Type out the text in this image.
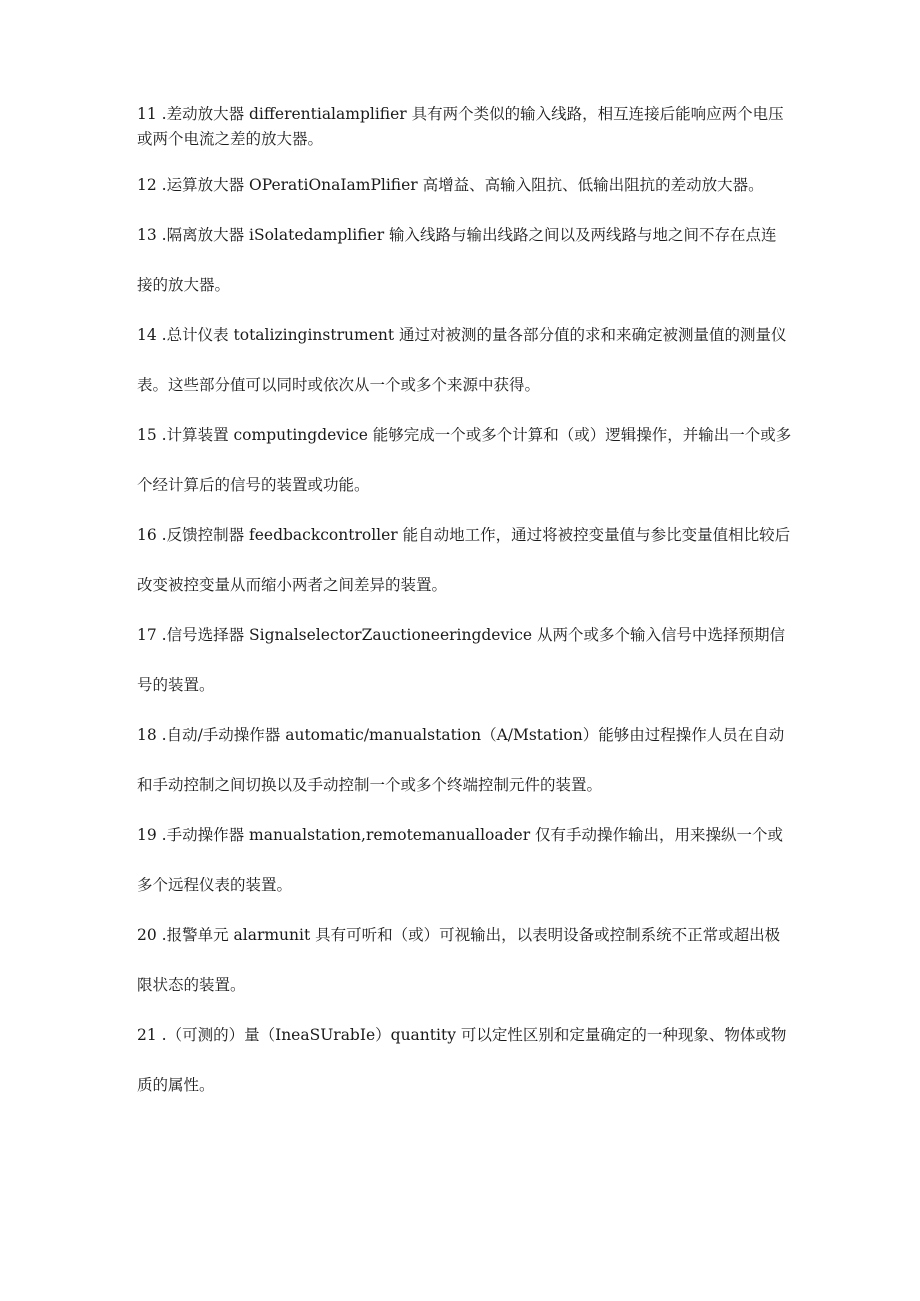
11 .差动放大器 differentialamplifier 具有两个类似的输入线路，相互连接后能响应两个电压或两个电流之差的放大器。

12 .运算放大器 OPeratiOnaIamPlifier 高增益、高输入阻抗、低输出阻抗的差动放大器。

13 .隔离放大器 iSolatedamplifier 输入线路与输出线路之间以及两线路与地之间不存在点连接的放大器。

14 .总计仪表 totalizinginstrument 通过对被测的量各部分值的求和来确定被测量值的测量仪表。这些部分值可以同时或依次从一个或多个来源中获得。

15 .计算装置 computingdevice 能够完成一个或多个计算和（或）逻辑操作，并输出一个或多个经计算后的信号的装置或功能。

16 .反馈控制器 feedbackcontroller 能自动地工作，通过将被控变量值与参比变量值相比较后改变被控变量从而缩小两者之间差异的装置。

17 .信号选择器 SignalselectorZauctioneeringdevice 从两个或多个输入信号中选择预期信号的装置。

18 .自动/手动操作器 automatic/manualstation（A/Mstation）能够由过程操作人员在自动和手动控制之间切换以及手动控制一个或多个终端控制元件的装置。

19 .手动操作器 manualstation,remotemanualloader 仅有手动操作输出，用来操纵一个或多个远程仪表的装置。

20 .报警单元 alarmunit 具有可听和（或）可视输出，以表明设备或控制系统不正常或超出极限状态的装置。

21 .（可测的）量（IneaSUrabIe）quantity 可以定性区别和定量确定的一种现象、物体或物质的属性。
